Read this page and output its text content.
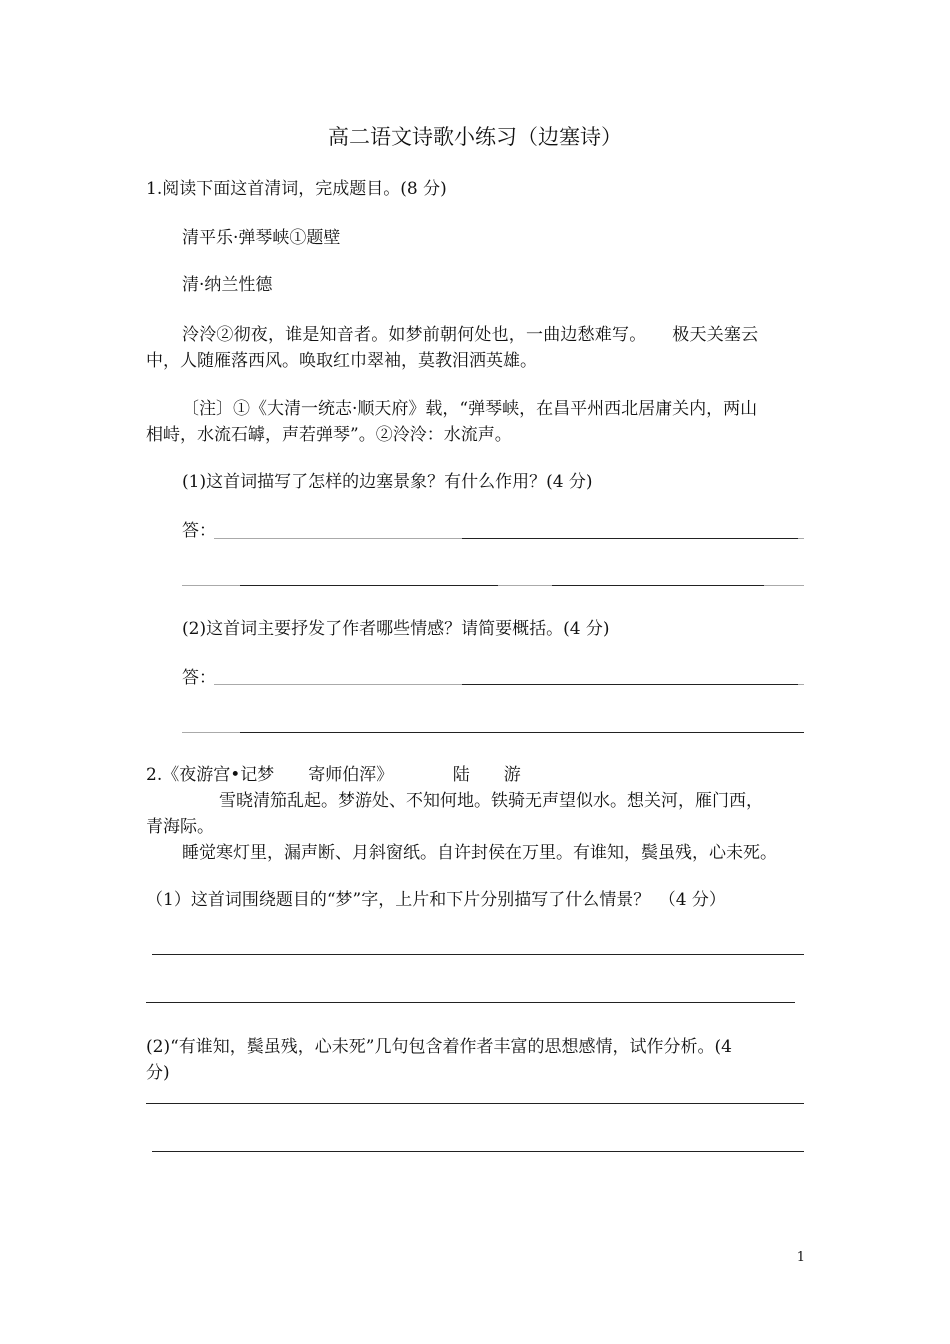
高二语文诗歌小练习（边塞诗）
1.阅读下面这首清词，完成题目。(8 分)
清平乐·弹琴峡①题壁
清·纳兰性德
泠泠②彻夜，谁是知音者。如梦前朝何处也，一曲边愁难写。　　极天关塞云
中，人随雁落西风。唤取红巾翠袖，莫教泪洒英雄。
〔注〕①《大清一统志·顺天府》载，“弹琴峡，在昌平州西北居庸关内，两山
相峙，水流石罅，声若弹琴”。②泠泠：水流声。
(1)这首词描写了怎样的边塞景象？有什么作用？(4 分)
答：
(2)这首词主要抒发了作者哪些情感？请简要概括。(4 分)
答：
2.《夜游宫•记梦　　寄师伯浑》　　　　陆　　游
雪晓清笳乱起。梦游处、不知何地。铁骑无声望似水。想关河，雁门西，
青海际。
睡觉寒灯里，漏声断、月斜窗纸。自许封侯在万里。有谁知，鬓虽残，心未死。
（1）这首词围绕题目的“梦”字，上片和下片分别描写了什么情景？　（4 分）
(2)“有谁知，鬓虽残，心未死”几句包含着作者丰富的思想感情，试作分析。(4
分)
1
